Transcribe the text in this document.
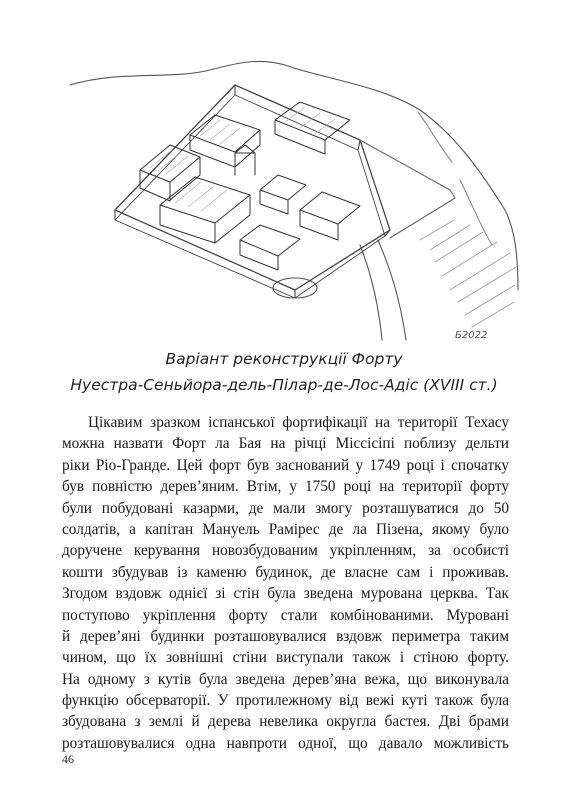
Б2022
Варіант реконструкції Форту
Нуестра-Сеньйора-дель-Пілар-де-Лос-Адіс (XVIII ст.)
Цікавим зразком іспанської фортифікації на території Техасу
можна назвати Форт ла Бая на річці Міссісіпі поблизу дельти
ріки Ріо-Гранде. Цей форт був заснований у 1749 році і спочатку
був повністю дерев’яним. Втім, у 1750 році на території форту
були побудовані казарми, де мали змогу розташуватися до 50
солдатів, а капітан Мануель Рамірес де ла Пізена, якому було
доручене керування новозбудованим укріпленням, за особисті
кошти збудував із каменю будинок, де власне сам і проживав.
Згодом вздовж однієї зі стін була зведена мурована церква. Так
поступово укріплення форту стали комбінованими. Муровані
й дерев’яні будинки розташовувалися вздовж периметра таким
чином, що їх зовнішні стіни виступали також і стіною форту.
На одному з кутів була зведена дерев’яна вежа, що виконувала
функцію обсерваторії. У протилежному від вежі куті також була
збудована з землі й дерева невелика округла бастея. Дві брами
розташовувалися одна навпроти одної, що давало можливість
46
